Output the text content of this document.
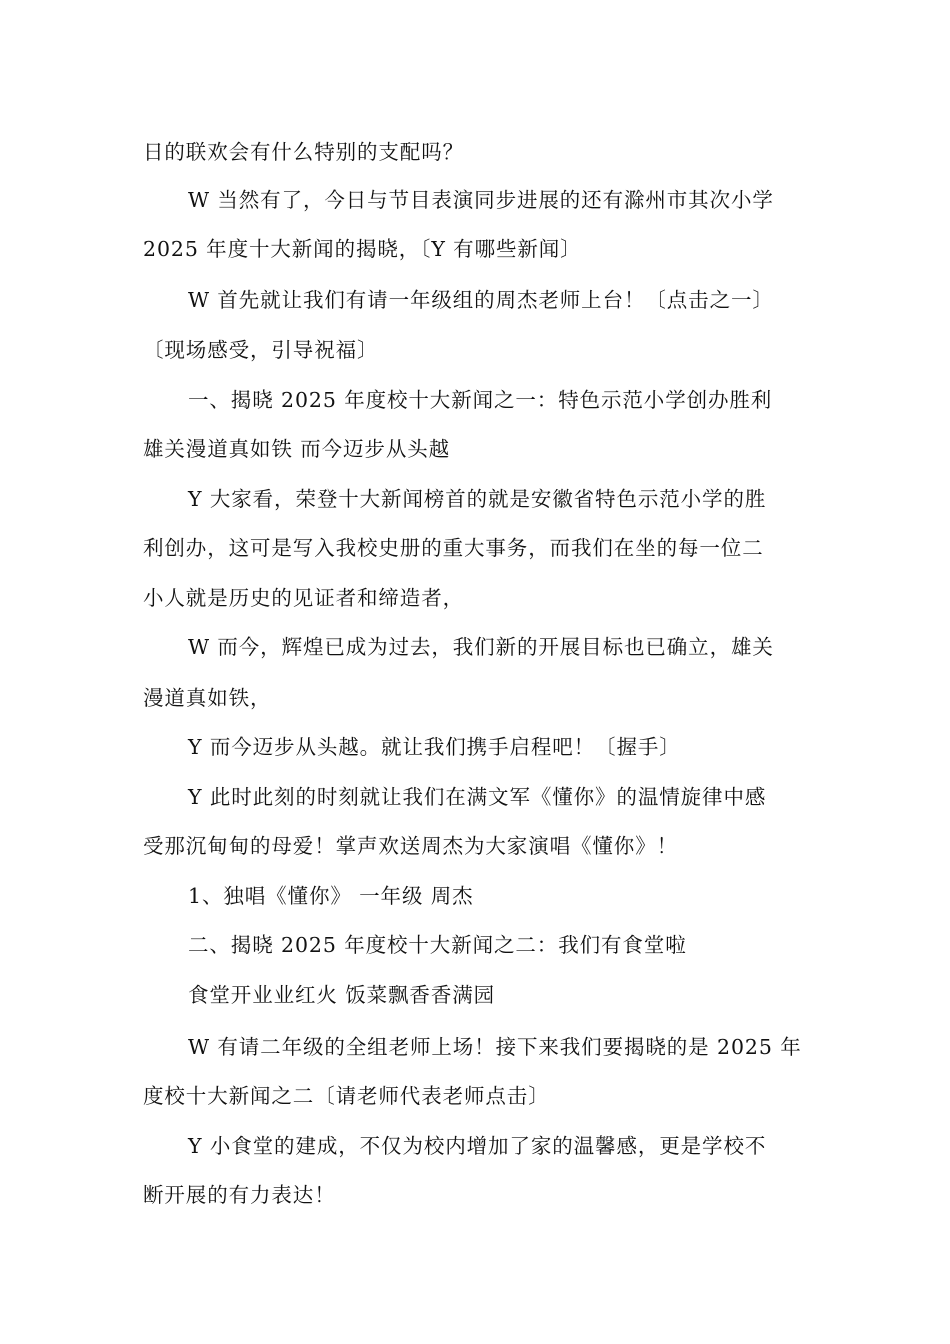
日的联欢会有什么特别的支配吗？
W 当然有了，今日与节目表演同步进展的还有滁州市其次小学
2025 年度十大新闻的揭晓，〔Y 有哪些新闻〕
W 首先就让我们有请一年级组的周杰老师上台！〔点击之一〕
〔现场感受，引导祝福〕
一、揭晓 2025 年度校十大新闻之一：特色示范小学创办胜利
雄关漫道真如铁 而今迈步从头越
Y 大家看，荣登十大新闻榜首的就是安徽省特色示范小学的胜
利创办，这可是写入我校史册的重大事务，而我们在坐的每一位二
小人就是历史的见证者和缔造者，
W 而今，辉煌已成为过去，我们新的开展目标也已确立，雄关
漫道真如铁，
Y 而今迈步从头越。就让我们携手启程吧！〔握手〕
Y 此时此刻的时刻就让我们在满文军《懂你》的温情旋律中感
受那沉甸甸的母爱！掌声欢送周杰为大家演唱《懂你》！
1、独唱《懂你》 一年级 周杰
二、揭晓 2025 年度校十大新闻之二：我们有食堂啦
食堂开业业红火 饭菜飘香香满园
W 有请二年级的全组老师上场！接下来我们要揭晓的是 2025 年
度校十大新闻之二〔请老师代表老师点击〕
Y 小食堂的建成，不仅为校内增加了家的温馨感，更是学校不
断开展的有力表达！
